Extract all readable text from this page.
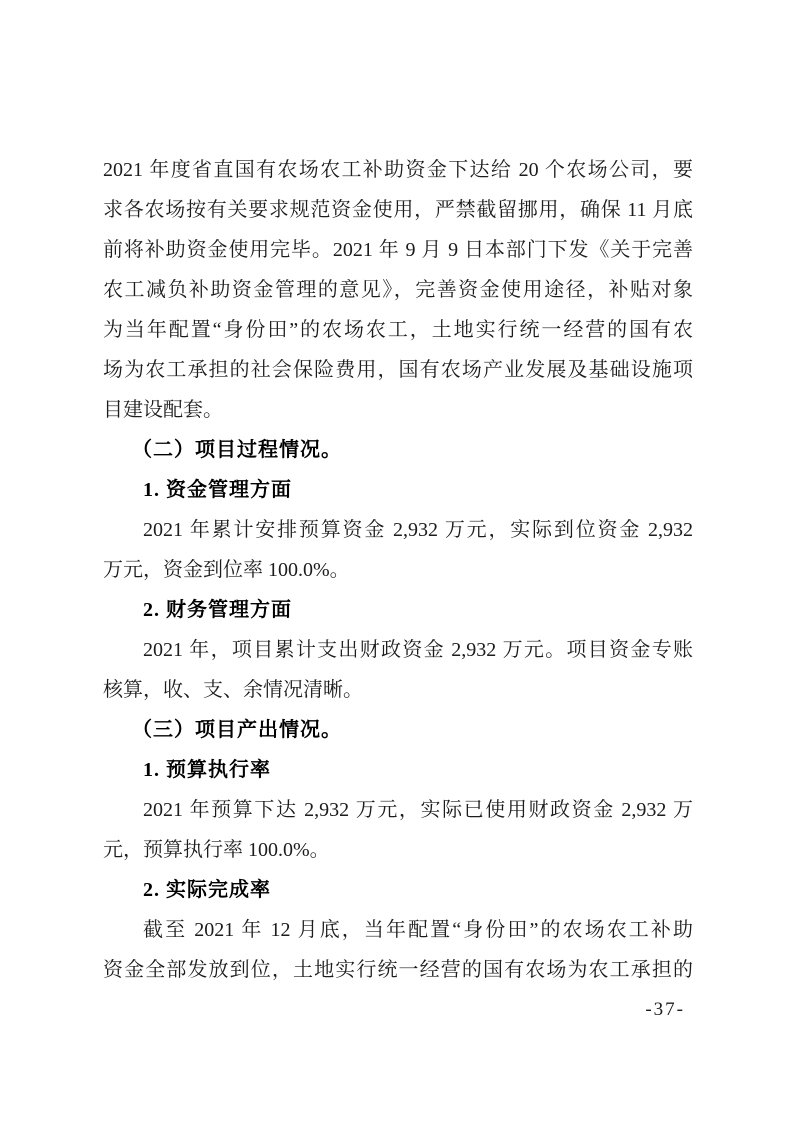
2021 年度省直国有农场农工补助资金下达给 20 个农场公司，要
求各农场按有关要求规范资金使用，严禁截留挪用，确保 11 月底
前将补助资金使用完毕。2021 年 9 月 9 日本部门下发《关于完善
农工减负补助资金管理的意见》，完善资金使用途径，补贴对象
为当年配置“身份田”的农场农工，土地实行统一经营的国有农
场为农工承担的社会保险费用，国有农场产业发展及基础设施项
目建设配套。
（二）项目过程情况。
1. 资金管理方面
2021 年累计安排预算资金 2,932 万元，实际到位资金 2,932
万元，资金到位率 100.0%。
2. 财务管理方面
2021 年，项目累计支出财政资金 2,932 万元。项目资金专账
核算，收、支、余情况清晰。
（三）项目产出情况。
1. 预算执行率
2021 年预算下达 2,932 万元，实际已使用财政资金 2,932 万
元，预算执行率 100.0%。
2. 实际完成率
截至 2021 年 12 月底，当年配置“身份田”的农场农工补助
资金全部发放到位，土地实行统一经营的国有农场为农工承担的
-37-
